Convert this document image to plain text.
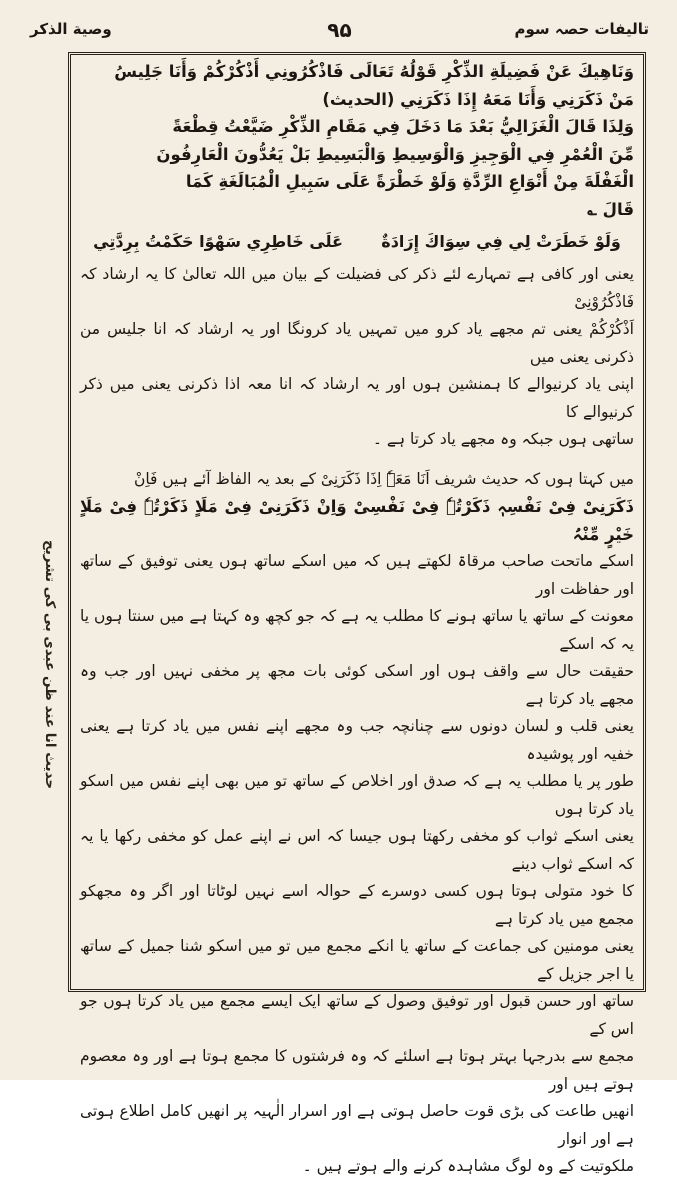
تالیفات حصہ سوم
۹۵
وصیة الذکر
حدیث انا عند ظن عبدی بی کی تشریح

وَنَاهِيكَ عَنْ فَضِيلَةِ الذِّكْرِ قَوْلُهُ تَعَالَى فَاذْكُرُونِي أَذْكُرْكُمْ وَأَنَا جَلِيسُ

مَنْ ذَكَرَنِي وَأَنَا مَعَهُ إِذَا ذَكَرَنِي (الحديث)

وَلِذَا قَالَ الْغَزَالِيُّ بَعْدَ مَا دَخَلَ فِي مَقَامِ الذِّكْرِ ضَيَّعْتُ قِطْعَةً

مِّنَ الْعُمْرِ فِي الْوَجِيزِ وَالْوَسِيطِ وَالْبَسِيطِ بَلْ يَعُدُّونَ الْعَارِفُونَ

الْغَفْلَةَ مِنْ أَنْوَاعِ الرِّدَّةِ وَلَوْ خَطْرَةً عَلَى سَبِيلِ الْمُبَالَغَةِ كَمَا

قَالَ ؎

وَلَوْ خَطَرَتْ لِي فِي سِوَاكَ إِرَادَةٌ
عَلَى خَاطِرِي سَهْوًا حَكَمْتُ بِرِدَّتِي

یعنی اور کافی ہے تمہارے لئے ذکر کی فضیلت کے بیان میں اللہ تعالیٰ کا یہ ارشاد کہ فَاذْکُرُوْنِیْ

اَذْکُرْکُمْ یعنی تم مجھے یاد کرو میں تمہیں یاد کرونگا اور یہ ارشاد کہ انا جلیس من ذکرنی یعنی میں

اپنی یاد کرنیوالے کا ہمنشین ہوں اور یہ ارشاد کہ انا معہ اذا ذکرنی یعنی میں ذکر کرنیوالے کا

ساتھی ہوں جبکہ وہ مجھے یاد کرتا ہے ۔

میں کہتا ہوں کہ حدیث شریف اَنَا مَعَہٗ اِذَا ذَکَرَنِیْ کے بعد یہ الفاظ آئے ہیں فَاِنْ

ذَکَرَنِیْ فِیْ نَفْسِہٖ ذَکَرْتُہٗ فِیْ نَفْسِیْ وَاِنْ ذَکَرَنِیْ فِیْ مَلَاٍ ذَکَرْتُہٗ فِیْ مَلَاٍ خَیْرٍ مِّنْہُ

اسکے ماتحت صاحب مرقاۃ لکھتے ہیں کہ میں اسکے ساتھ ہوں یعنی توفیق کے ساتھ اور حفاظت اور

معونت کے ساتھ یا ساتھ ہونے کا مطلب یہ ہے کہ جو کچھ وہ کہتا ہے میں سنتا ہوں یا یہ کہ اسکے

حقیقت حال سے واقف ہوں اور اسکی کوئی بات مجھ پر مخفی نہیں اور جب وہ مجھے یاد کرتا ہے

یعنی قلب و لسان دونوں سے چنانچہ جب وہ مجھے اپنے نفس میں یاد کرتا ہے یعنی خفیہ اور پوشیدہ

طور پر یا مطلب یہ ہے کہ صدق اور اخلاص کے ساتھ تو میں بھی اپنے نفس میں اسکو یاد کرتا ہوں

یعنی اسکے ثواب کو مخفی رکھتا ہوں جیسا کہ اس نے اپنے عمل کو مخفی رکھا یا یہ کہ اسکے ثواب دینے

کا خود متولی ہوتا ہوں کسی دوسرے کے حوالہ اسے نہیں لوٹاتا اور اگر وہ مجھکو مجمع میں یاد کرتا ہے

یعنی مومنین کی جماعت کے ساتھ یا انکے مجمع میں تو میں اسکو شنا جمیل کے ساتھ یا اجر جزیل کے

ساتھ اور حسن قبول اور توفیق وصول کے ساتھ ایک ایسے مجمع میں یاد کرتا ہوں جو اس کے

مجمع سے بدرجہا بہتر ہوتا ہے اسلئے کہ وہ فرشتوں کا مجمع ہوتا ہے اور وہ معصوم ہوتے ہیں اور

انھیں طاعت کی بڑی قوت حاصل ہوتی ہے اور اسرار الٰہیہ پر انھیں کامل اطلاع ہوتی ہے اور انوار

ملکوتیت کے وہ لوگ مشاہدہ کرنے والے ہوتے ہیں ۔
